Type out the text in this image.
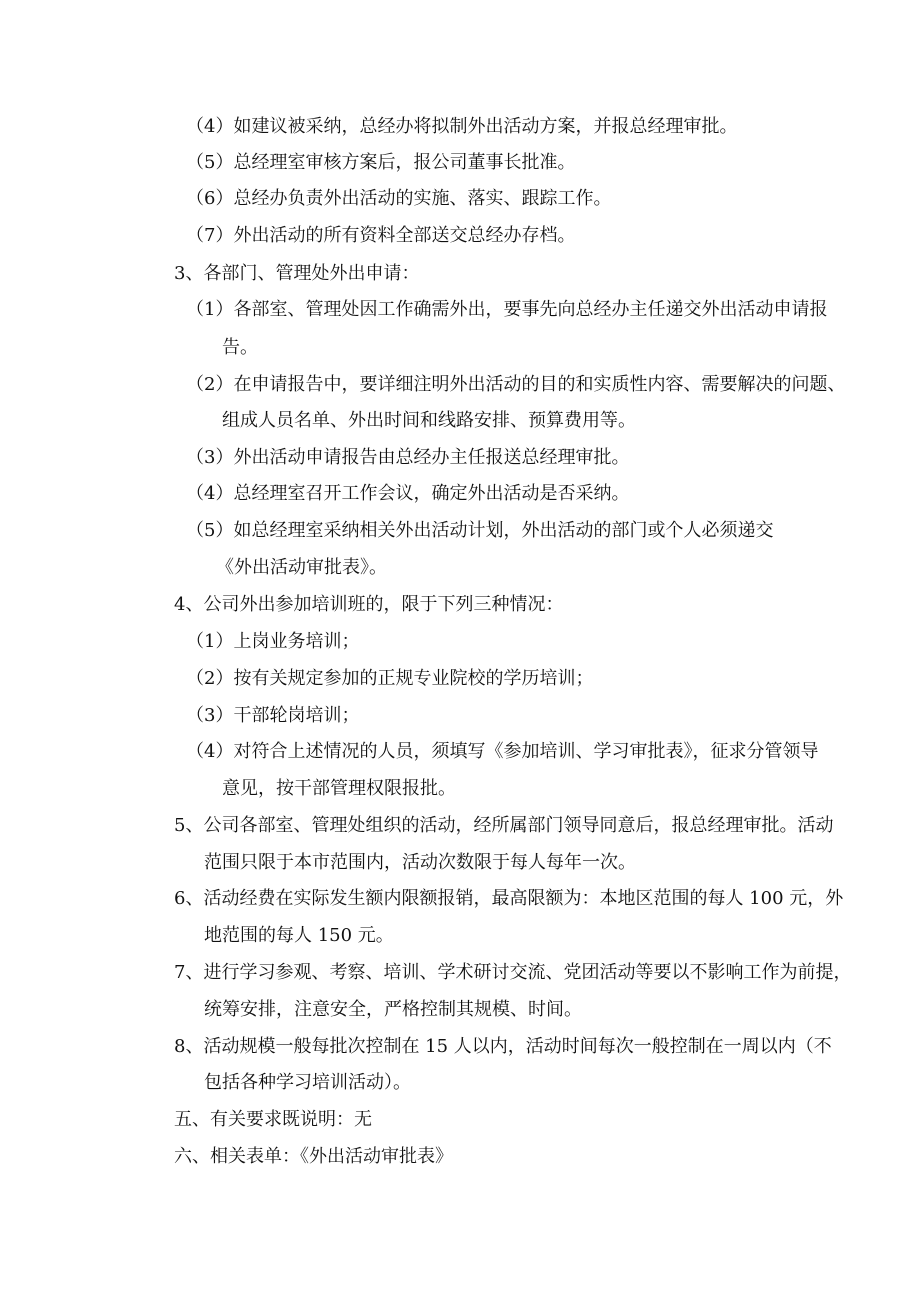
（4）如建议被采纳，总经办将拟制外出活动方案，并报总经理审批。

（5）总经理室审核方案后，报公司董事长批准。

（6）总经办负责外出活动的实施、落实、跟踪工作。

（7）外出活动的所有资料全部送交总经办存档。

3、各部门、管理处外出申请：

（1）各部室、管理处因工作确需外出，要事先向总经办主任递交外出活动申请报

告。

（2）在申请报告中，要详细注明外出活动的目的和实质性内容、需要解决的问题、

组成人员名单、外出时间和线路安排、预算费用等。

（3）外出活动申请报告由总经办主任报送总经理审批。

（4）总经理室召开工作会议，确定外出活动是否采纳。

（5）如总经理室采纳相关外出活动计划，外出活动的部门或个人必须递交

《外出活动审批表》。

4、公司外出参加培训班的，限于下列三种情况：

（1）上岗业务培训；

（2）按有关规定参加的正规专业院校的学历培训；

（3）干部轮岗培训；

（4）对符合上述情况的人员，须填写《参加培训、学习审批表》，征求分管领导

意见，按干部管理权限报批。

5、公司各部室、管理处组织的活动，经所属部门领导同意后，报总经理审批。活动

范围只限于本市范围内，活动次数限于每人每年一次。

6、活动经费在实际发生额内限额报销，最高限额为：本地区范围的每人 100 元，外

地范围的每人 150 元。

7、进行学习参观、考察、培训、学术研讨交流、党团活动等要以不影响工作为前提，

统筹安排，注意安全，严格控制其规模、时间。

8、活动规模一般每批次控制在 15 人以内，活动时间每次一般控制在一周以内（不

包括各种学习培训活动）。

五、有关要求既说明：无

六、相关表单：《外出活动审批表》
